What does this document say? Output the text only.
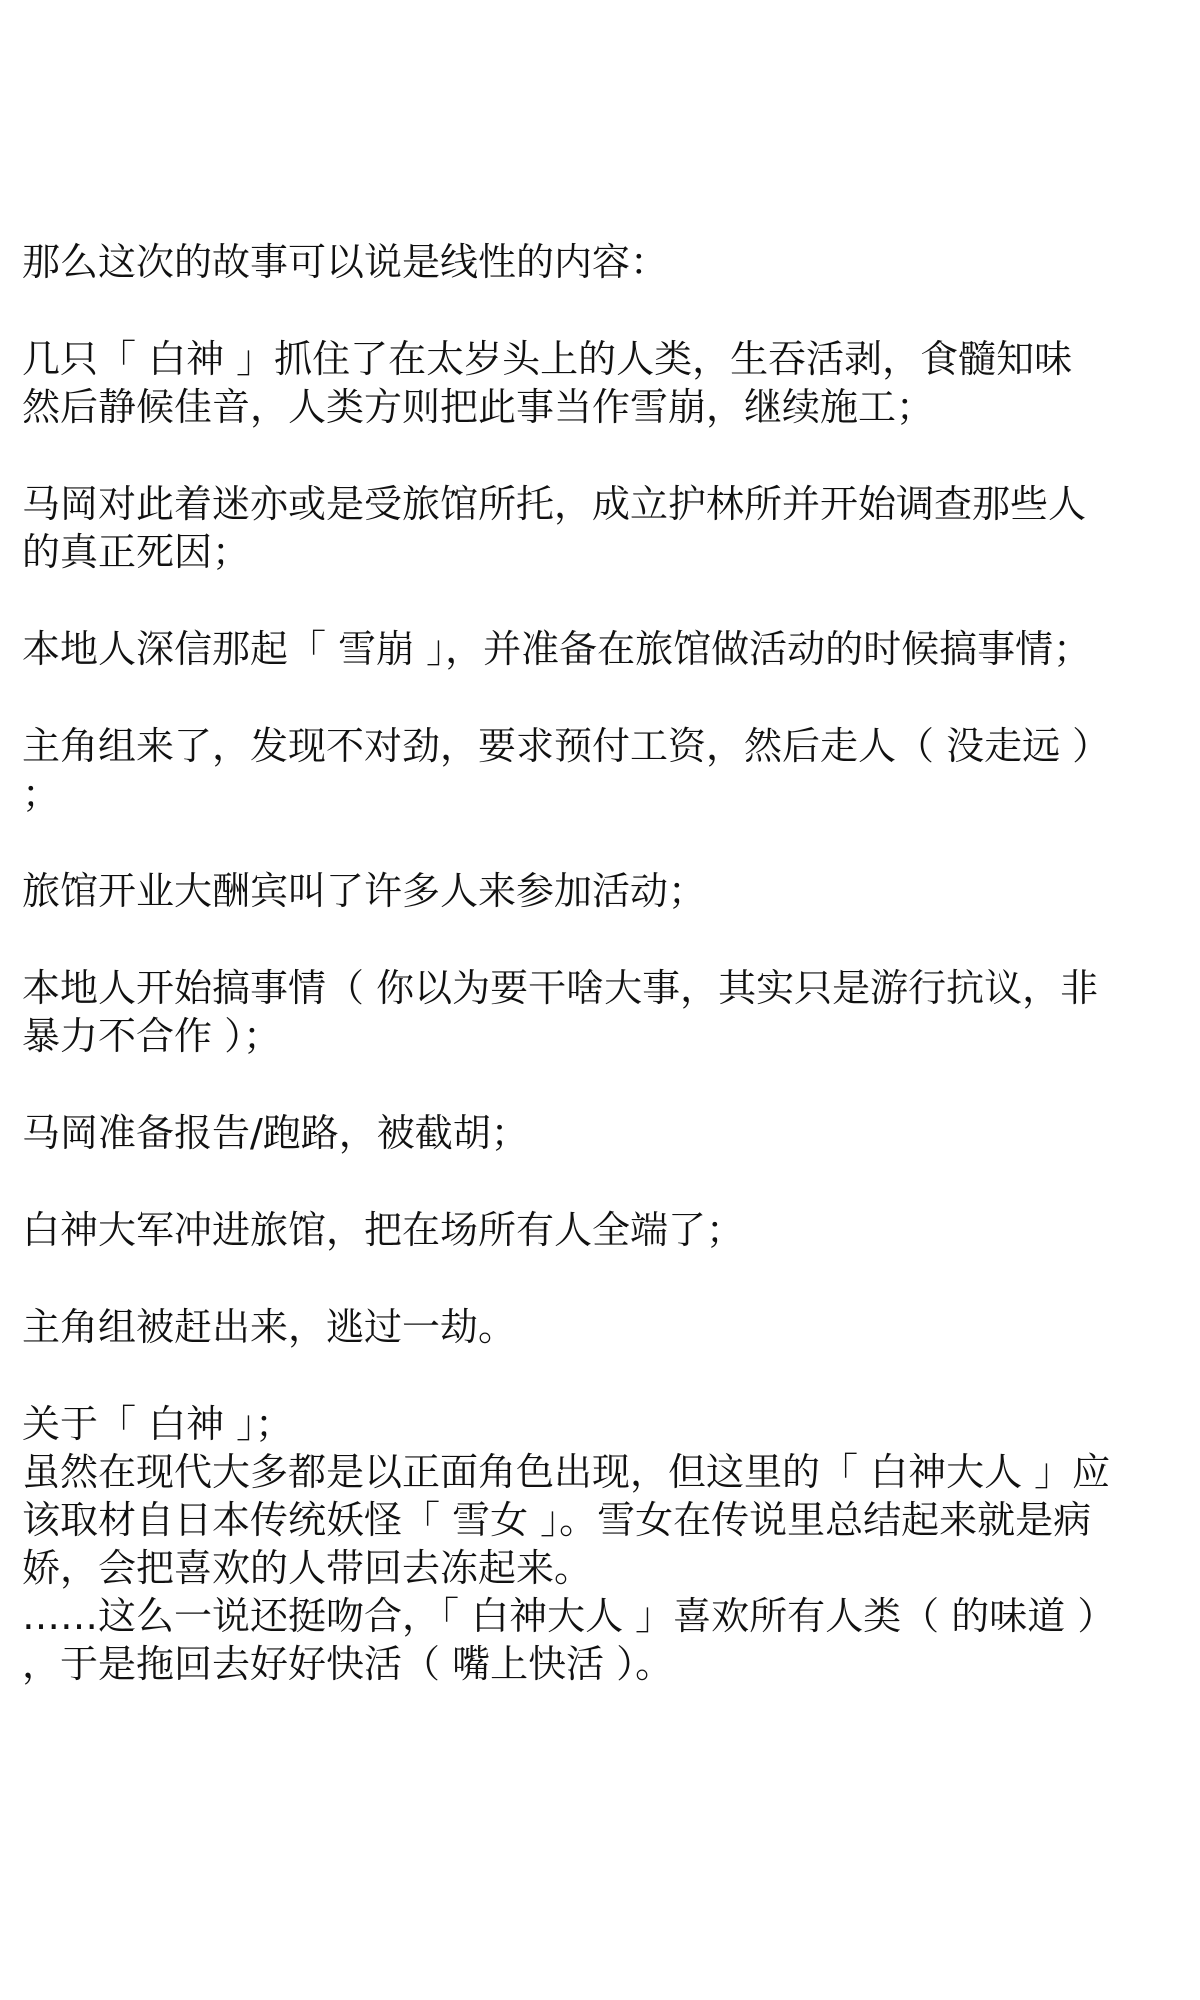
那么这次的故事可以说是线性的内容：

几只「 白神 」抓住了在太岁头上的人类，生吞活剥，食髓知味
然后静候佳音，人类方则把此事当作雪崩，继续施工；

马岡对此着迷亦或是受旅馆所托，成立护林所并开始调查那些人
的真正死因；

本地人深信那起「 雪崩 」，并准备在旅馆做活动的时候搞事情；

主角组来了，发现不对劲，要求预付工资，然后走人（ 没走远 ）
；

旅馆开业大酬宾叫了许多人来参加活动；

本地人开始搞事情（ 你以为要干啥大事，其实只是游行抗议，非
暴力不合作 ）；

马岡准备报告/跑路，被截胡；

白神大军冲进旅馆，把在场所有人全端了；

主角组被赶出来，逃过一劫。

关于「 白神 」；
虽然在现代大多都是以正面角色出现，但这里的「 白神大人 」应
该取材自日本传统妖怪「 雪女 」。雪女在传说里总结起来就是病
娇，会把喜欢的人带回去冻起来。
……这么一说还挺吻合，「 白神大人 」喜欢所有人类（ 的味道 ）
，于是拖回去好好快活（ 嘴上快活 ）。
